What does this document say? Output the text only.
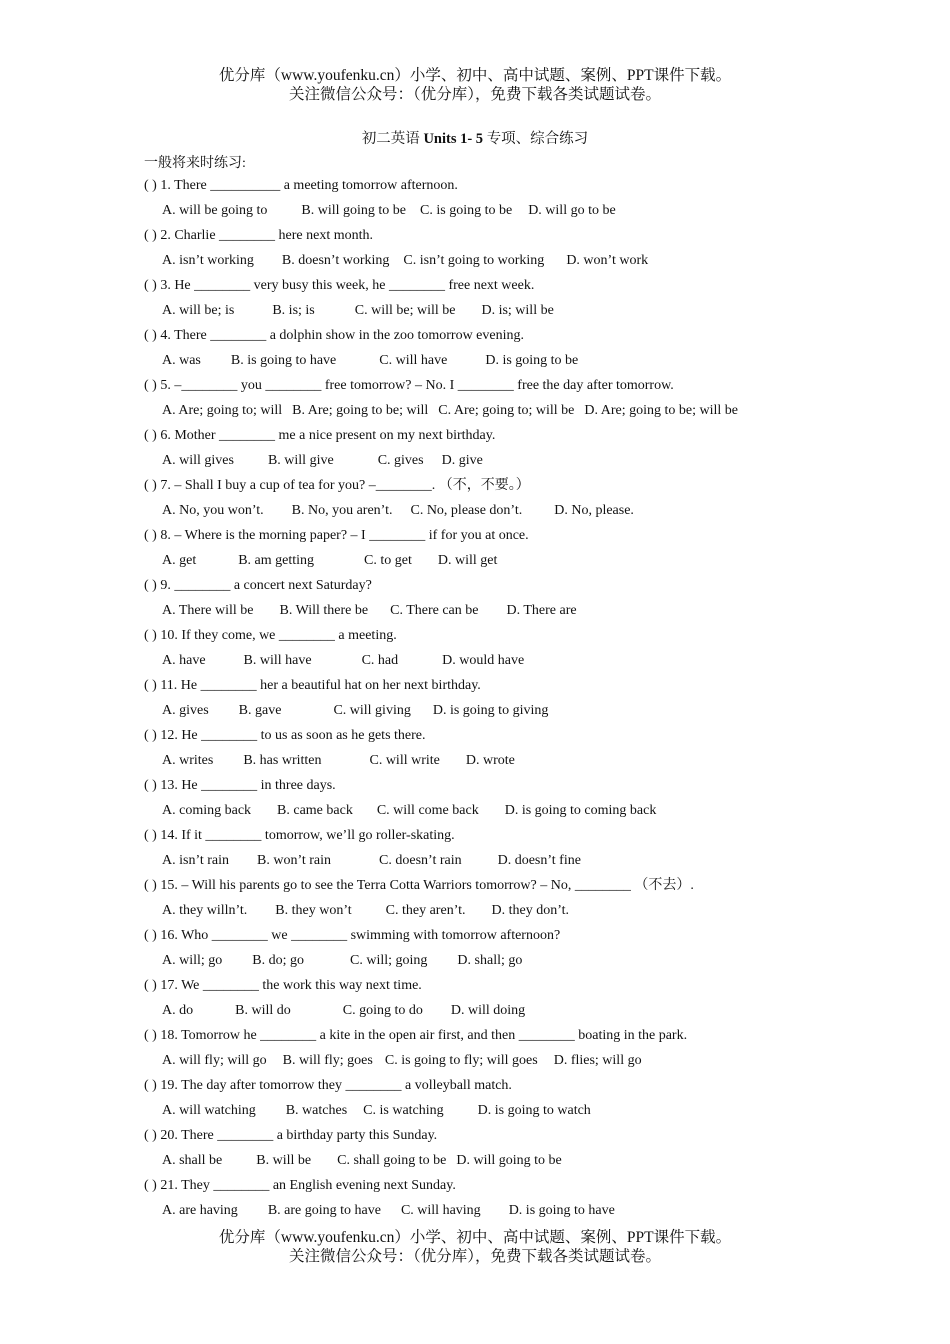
优分库（www.youfenku.cn）小学、初中、高中试题、案例、PPT课件下载。
关注微信公众号：（优分库），免费下载各类试题试卷。
初二英语 Units 1- 5 专项、综合练习
一般将来时练习:
( ) 1. There __________ a meeting tomorrow afternoon.
A. will be going to B. will going to be C. is going to be D. will go to be
( ) 2. Charlie ________ here next month.
A. isn’t working B. doesn’t working C. isn’t going to working D. won’t work
( ) 3. He ________ very busy this week, he ________ free next week.
A. will be; is	B. is; is	C. will be; will be D. is; will be
( ) 4. There ________ a dolphin show in the zoo tomorrow evening.
A. was B. is going to have	C. will have	D. is going to be
( ) 5. –________ you ________ free tomorrow? – No. I ________ free the day after tomorrow.
A. Are; going to; will B. Are; going to be; will C. Are; going to; will be D. Are; going to be; will be
( ) 6. Mother ________ me a nice present on my next birthday.
A. will gives B. will give	C. gives D. give
( ) 7. – Shall I buy a cup of tea for you? –________. （不，不要。）
A. No, you won’t. B. No, you aren’t. C. No, please don’t. D. No, please.
( ) 8. – Where is the morning paper? – I ________ if for you at once.
A. get	B. am getting	C. to get D. will get
( ) 9. ________ a concert next Saturday?
A. There will be B. Will there be C. There can be D. There are
( ) 10. If they come, we ________ a meeting.
A. have	B. will have	C. had	D. would have
( ) 11. He ________ her a beautiful hat on her next birthday.
A. gives B. gave	C. will giving D. is going to giving
( ) 12. He ________ to us as soon as he gets there.
A. writes B. has written	C. will write D. wrote
( ) 13. He ________ in three days.
A. coming back B. came back C. will come back D. is going to coming back
( ) 14. If it ________ tomorrow, we’ll go roller-skating.
A. isn’t rain B. won’t rain	C. doesn’t rain	D. doesn’t fine
( ) 15. – Will his parents go to see the Terra Cotta Warriors tomorrow? – No, ________ （不去）.
A. they willn’t. B. they won’t C. they aren’t. D. they don’t.
( ) 16. Who ________ we ________ swimming with tomorrow afternoon?
A. will; go B. do; go	C. will; going D. shall; go
( ) 17. We ________ the work this way next time.
A. do	B. will do	C. going to do D. will doing
( ) 18. Tomorrow he ________ a kite in the open air first, and then ________ boating in the park.
A. will fly; will go B. will fly; goes C. is going to fly; will goes D. flies; will go
( ) 19. The day after tomorrow they ________ a volleyball match.
A. will watching B. watches C. is watching D. is going to watch
( ) 20. There ________ a birthday party this Sunday.
A. shall be B. will be C. shall going to be D. will going to be
( ) 21. They ________ an English evening next Sunday.
A. are having B. are going to have C. will having D. is going to have
优分库（www.youfenku.cn）小学、初中、高中试题、案例、PPT课件下载。
关注微信公众号：（优分库），免费下载各类试题试卷。
